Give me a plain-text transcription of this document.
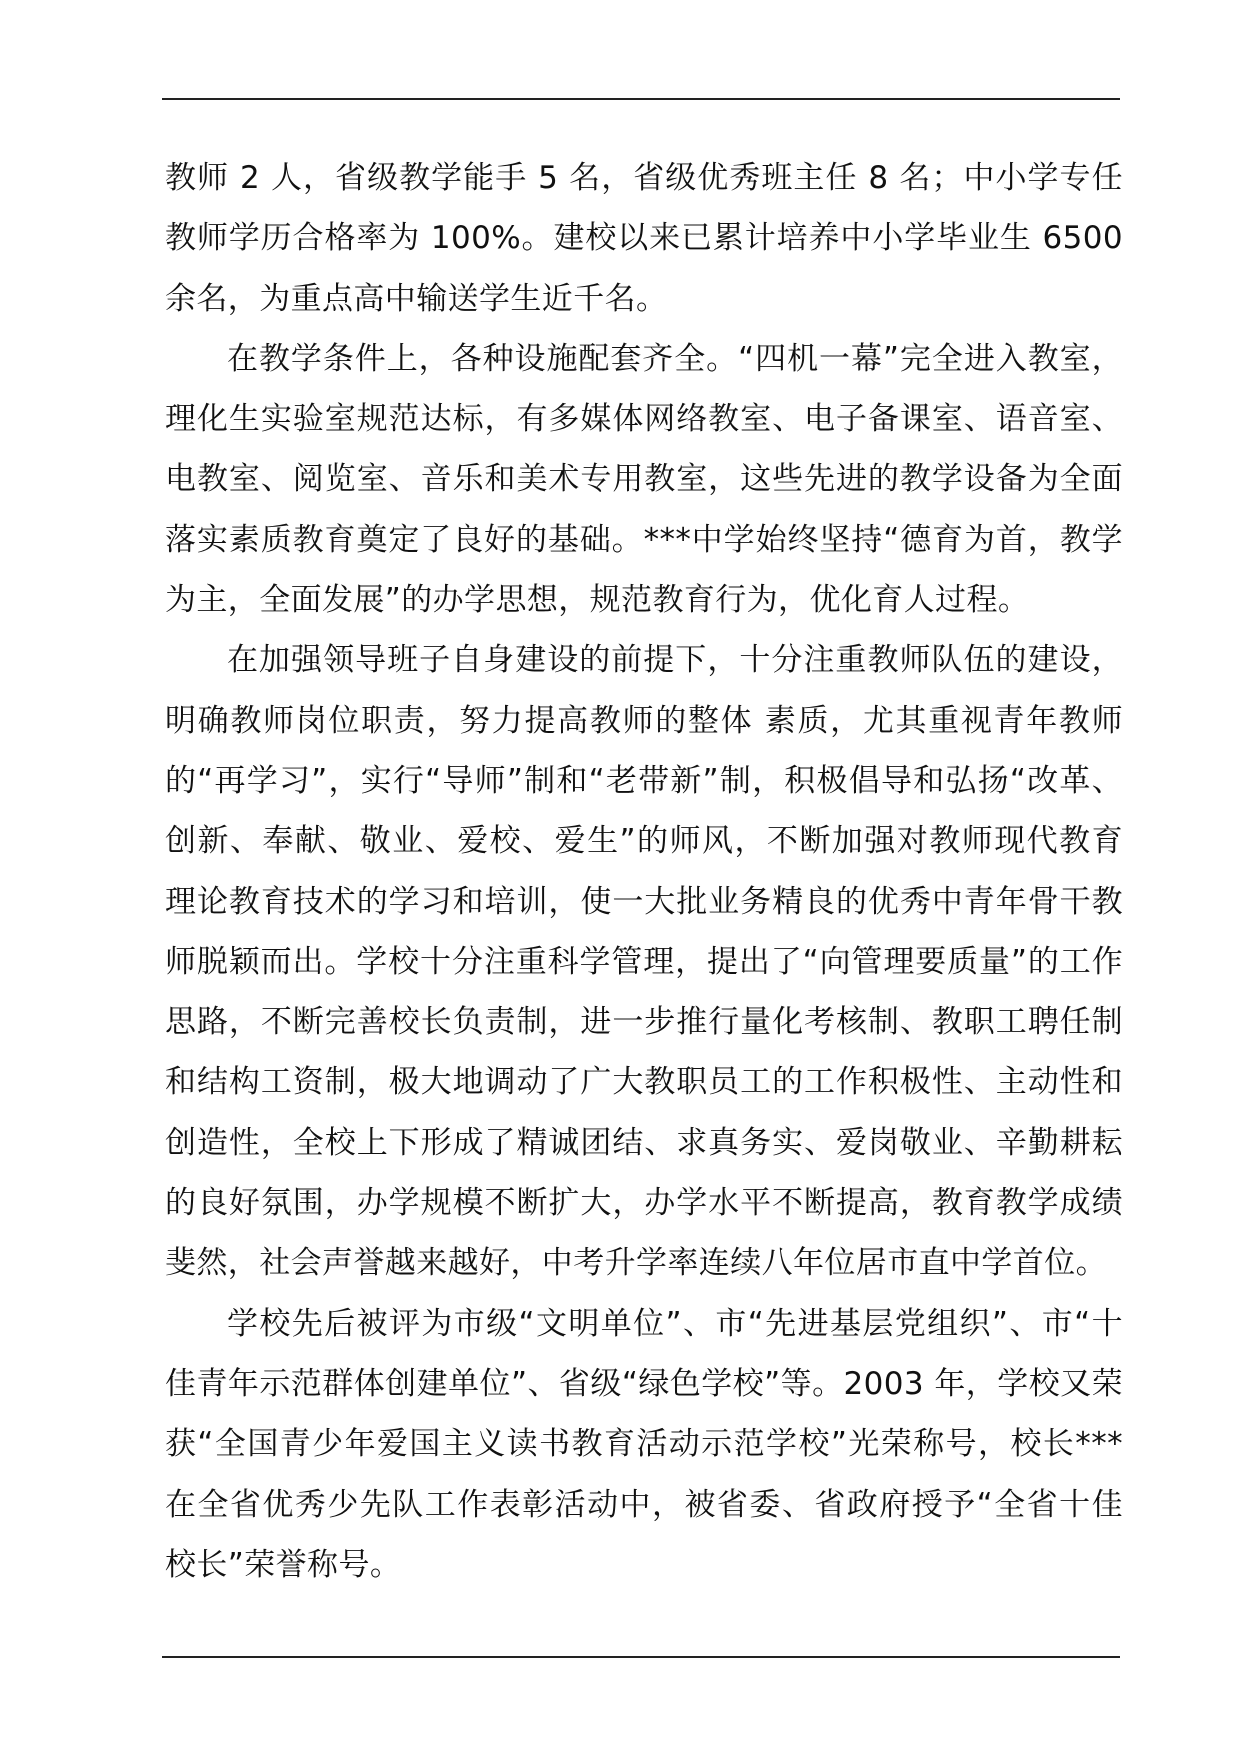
教师 2 人，省级教学能手 5 名，省级优秀班主任 8 名；中小学专任教师学历合格率为 100%。建校以来已累计培养中小学毕业生 6500 余名，为重点高中输送学生近千名。

在教学条件上，各种设施配套齐全。“四机一幕”完全进入教室，理化生实验室规范达标，有多媒体网络教室、电子备课室、语音室、电教室、阅览室、音乐和美术专用教室，这些先进的教学设备为全面落实素质教育奠定了良好的基础。***中学始终坚持“德育为首，教学为主，全面发展”的办学思想，规范教育行为，优化育人过程。

在加强领导班子自身建设的前提下，十分注重教师队伍的建设，明确教师岗位职责，努力提高教师的整体 素质，尤其重视青年教师的“再学习”，实行“导师”制和“老带新”制，积极倡导和弘扬“改革、创新、奉献、敬业、爱校、爱生”的师风，不断加强对教师现代教育理论教育技术的学习和培训，使一大批业务精良的优秀中青年骨干教师脱颖而出。学校十分注重科学管理，提出了“向管理要质量”的工作思路，不断完善校长负责制，进一步推行量化考核制、教职工聘任制和结构工资制，极大地调动了广大教职员工的工作积极性、主动性和创造性，全校上下形成了精诚团结、求真务实、爱岗敬业、辛勤耕耘的良好氛围，办学规模不断扩大，办学水平不断提高，教育教学成绩斐然，社会声誉越来越好，中考升学率连续八年位居市直中学首位。

学校先后被评为市级“文明单位”、市“先进基层党组织”、市“十佳青年示范群体创建单位”、省级“绿色学校”等。2003 年，学校又荣获“全国青少年爱国主义读书教育活动示范学校”光荣称号，校长***在全省优秀少先队工作表彰活动中，被省委、省政府授予“全省十佳校长”荣誉称号。
